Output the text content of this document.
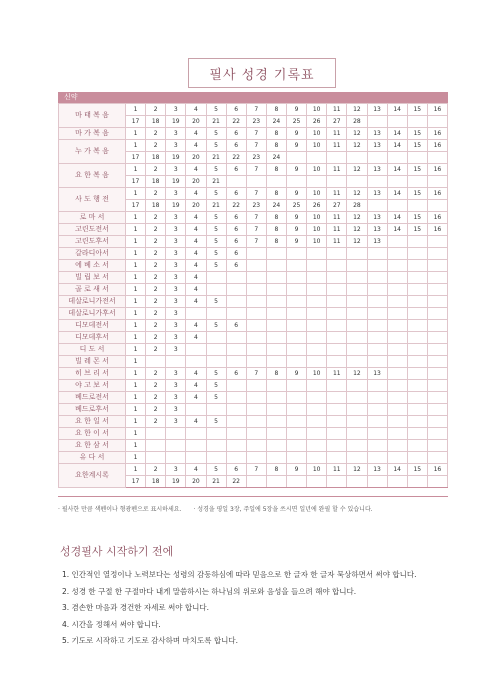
필사 성경 기록표
신약
마 태 복 음	1	2	3	4	5	6	7	8	9	10	11	12	13	14	15	16
	17	18	19	20	21	22	23	24	25	26	27	28				
마 가 복 음	1	2	3	4	5	6	7	8	9	10	11	12	13	14	15	16
누 가 복 음	1	2	3	4	5	6	7	8	9	10	11	12	13	14	15	16
	17	18	19	20	21	22	23	24								
요 한 복 음	1	2	3	4	5	6	7	8	9	10	11	12	13	14	15	16
	17	18	19	20	21											
사 도 행 전	1	2	3	4	5	6	7	8	9	10	11	12	13	14	15	16
	17	18	19	20	21	22	23	24	25	26	27	28				
로 마 서	1	2	3	4	5	6	7	8	9	10	11	12	13	14	15	16
고린도전서	1	2	3	4	5	6	7	8	9	10	11	12	13	14	15	16
고린도후서	1	2	3	4	5	6	7	8	9	10	11	12	13			
갈라디아서	1	2	3	4	5	6										
에 베 소 서	1	2	3	4	5	6										
빌 립 보 서	1	2	3	4												
골 로 새 서	1	2	3	4												
데살로니가전서	1	2	3	4	5											
데살로니가후서	1	2	3													
디모데전서	1	2	3	4	5	6										
디모데후서	1	2	3	4												
디 도 서	1	2	3													
빌 레 몬 서	1															
히 브 리 서	1	2	3	4	5	6	7	8	9	10	11	12	13			
야 고 보 서	1	2	3	4	5											
베드로전서	1	2	3	4	5											
베드로후서	1	2	3													
요 한 일 서	1	2	3	4	5											
요 한 이 서	1															
요 한 삼 서	1															
유 다 서	1															
요한계시록	1	2	3	4	5	6	7	8	9	10	11	12	13	14	15	16
	17	18	19	20	21	22										
· 필사한 만큼 색펜이나 형광펜으로 표시하세요. · 성경을 평일 3장, 주일에 5장을 쓰시면 일년에 완필 할 수 있습니다.
성경필사 시작하기 전에
1. 인간적인 열정이나 노력보다는 성령의 감동하심에 따라 믿음으로 한 글자 한 글자 묵상하면서 써야 합니다.
2. 성경 한 구절 한 구절마다 내게 말씀하시는 하나님의 위로와 음성을 들으려 해야 합니다.
3. 겸손한 마음과 경건한 자세로 써야 합니다.
4. 시간을 정해서 써야 합니다.
5. 기도로 시작하고 기도로 감사하며 마치도록 합니다.
